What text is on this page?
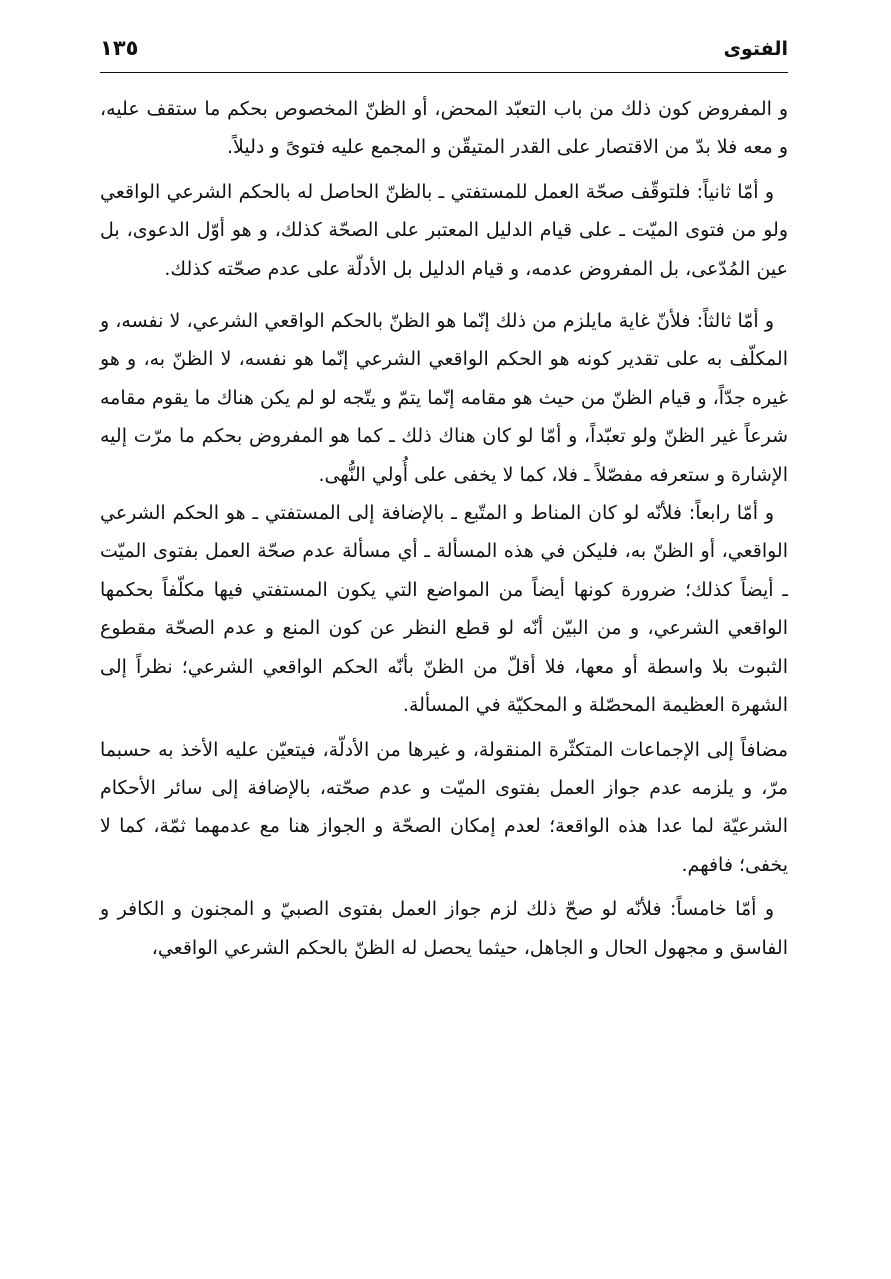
الفتوى
١٣٥

و المفروض كون ذلك من باب التعبّد المحض، أو الظنّ المخصوص بحكم ما ستقف عليه، و معه فلا بدّ من الاقتصار على القدر المتيقّن و المجمع عليه فتوىً و دليلاً.

و أمّا ثانياً: فلتوقّف صحّة العمل للمستفتي ـ بالظنّ الحاصل له بالحكم الشرعي الواقعي ولو من فتوى الميّت ـ على قيام الدليل المعتبر على الصحّة كذلك، و هو أوّل الدعوى، بل عين المُدّعى، بل المفروض عدمه، و قيام الدليل بل الأدلّة على عدم صحّته كذلك.

و أمّا ثالثاً: فلأنّ غاية مايلزم من ذلك إنّما هو الظنّ بالحكم الواقعي الشرعي، لا نفسه، و المكلّف به على تقدير كونه هو الحكم الواقعي الشرعي إنّما هو نفسه، لا الظنّ به، و هو غيره جدّاً، و قيام الظنّ من حيث هو مقامه إنّما يتمّ و يتّجه لو لم يكن هناك ما يقوم مقامه شرعاً غير الظنّ ولو تعبّداً، و أمّا لو كان هناك ذلك ـ كما هو المفروض بحكم ما مرّت إليه الإشارة و ستعرفه مفصّلاً ـ فلا، كما لا يخفى على أُولي النُّهى.

و أمّا رابعاً: فلأنّه لو كان المناط و المتّبع ـ بالإضافة إلى المستفتي ـ هو الحكم الشرعي الواقعي، أو الظنّ به، فليكن في هذه المسألة ـ أي مسألة عدم صحّة العمل بفتوى الميّت ـ أيضاً كذلك؛ ضرورة كونها أيضاً من المواضع التي يكون المستفتي فيها مكلّفاً بحكمها الواقعي الشرعي، و من البيّن أنّه لو قطع النظر عن كون المنع و عدم الصحّة مقطوع الثبوت بلا واسطة أو معها، فلا أقلّ من الظنّ بأنّه الحكم الواقعي الشرعي؛ نظراً إلى الشهرة العظيمة المحصّلة و المحكيّة في المسألة.

مضافاً إلى الإجماعات المتكثّرة المنقولة، و غيرها من الأدلّة، فيتعيّن عليه الأخذ به حسبما مرّ، و يلزمه عدم جواز العمل بفتوى الميّت و عدم صحّته، بالإضافة إلى سائر الأحكام الشرعيّة لما عدا هذه الواقعة؛ لعدم إمكان الصحّة و الجواز هنا مع عدمهما ثمّة، كما لا يخفى؛ فافهم.

و أمّا خامساً: فلأنّه لو صحّ ذلك لزم جواز العمل بفتوى الصبيّ و المجنون و الكافر و الفاسق و مجهول الحال و الجاهل، حيثما يحصل له الظنّ بالحكم الشرعي الواقعي،
